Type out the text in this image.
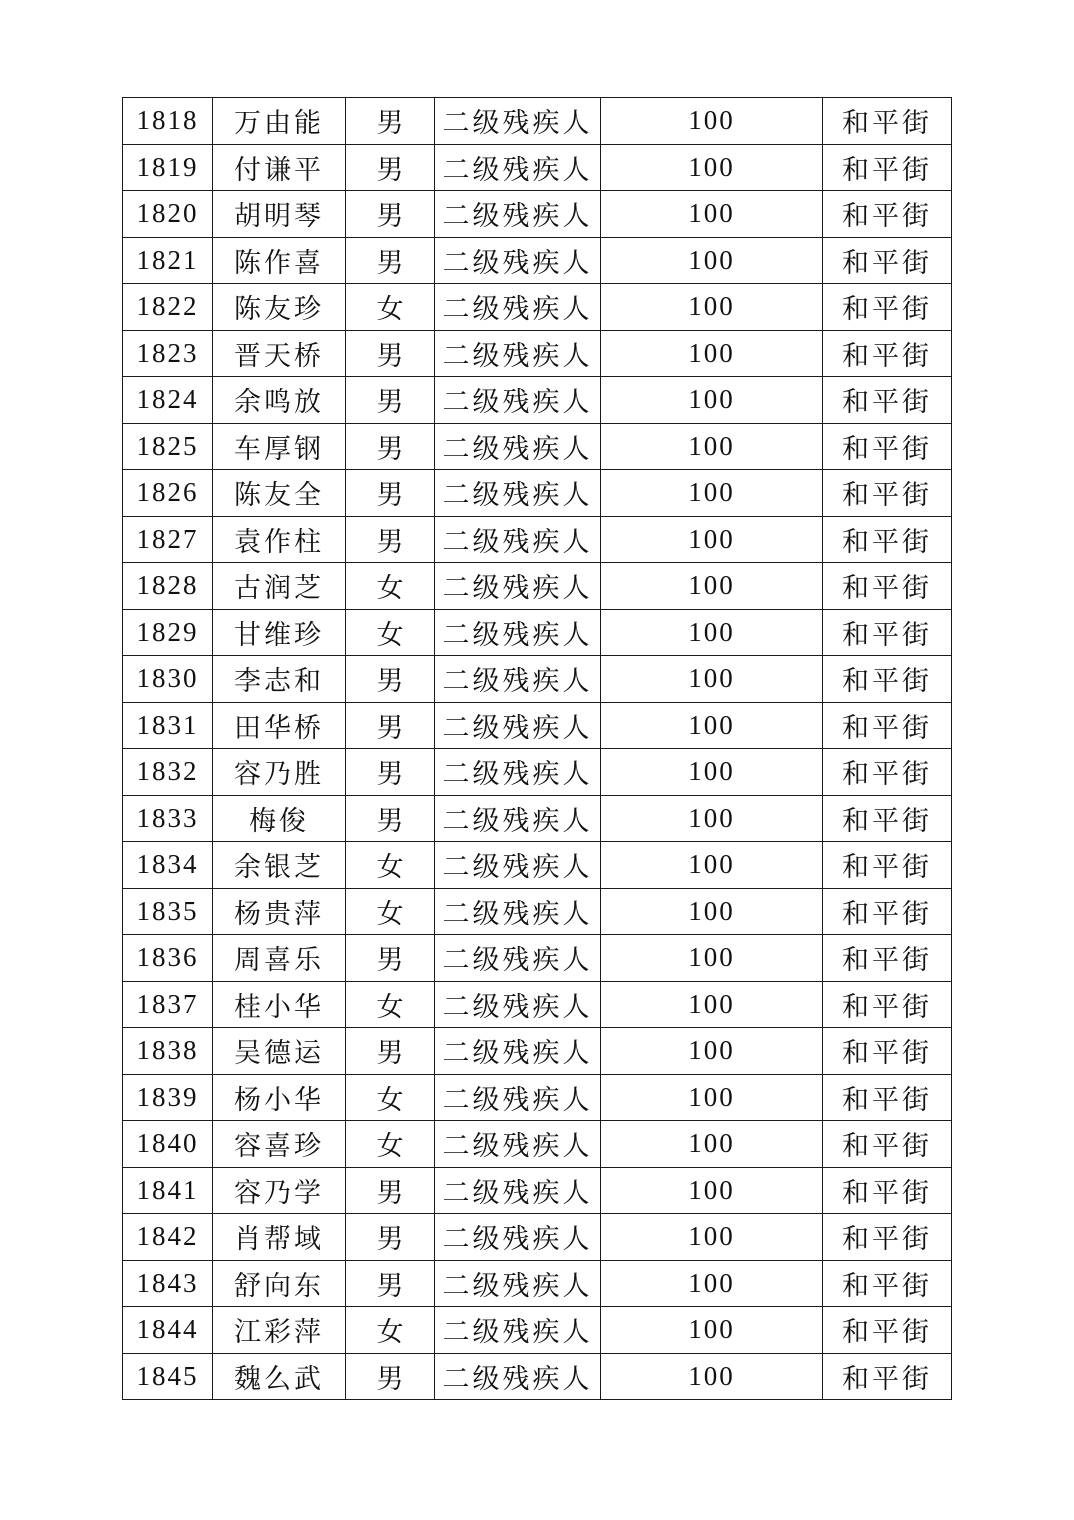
1818	万由能	男	二级残疾人	100	和平街
1819	付谦平	男	二级残疾人	100	和平街
1820	胡明琴	男	二级残疾人	100	和平街
1821	陈作喜	男	二级残疾人	100	和平街
1822	陈友珍	女	二级残疾人	100	和平街
1823	晋天桥	男	二级残疾人	100	和平街
1824	余鸣放	男	二级残疾人	100	和平街
1825	车厚钢	男	二级残疾人	100	和平街
1826	陈友全	男	二级残疾人	100	和平街
1827	袁作柱	男	二级残疾人	100	和平街
1828	古润芝	女	二级残疾人	100	和平街
1829	甘维珍	女	二级残疾人	100	和平街
1830	李志和	男	二级残疾人	100	和平街
1831	田华桥	男	二级残疾人	100	和平街
1832	容乃胜	男	二级残疾人	100	和平街
1833	梅俊	男	二级残疾人	100	和平街
1834	余银芝	女	二级残疾人	100	和平街
1835	杨贵萍	女	二级残疾人	100	和平街
1836	周喜乐	男	二级残疾人	100	和平街
1837	桂小华	女	二级残疾人	100	和平街
1838	吴德运	男	二级残疾人	100	和平街
1839	杨小华	女	二级残疾人	100	和平街
1840	容喜珍	女	二级残疾人	100	和平街
1841	容乃学	男	二级残疾人	100	和平街
1842	肖帮域	男	二级残疾人	100	和平街
1843	舒向东	男	二级残疾人	100	和平街
1844	江彩萍	女	二级残疾人	100	和平街
1845	魏么武	男	二级残疾人	100	和平街
